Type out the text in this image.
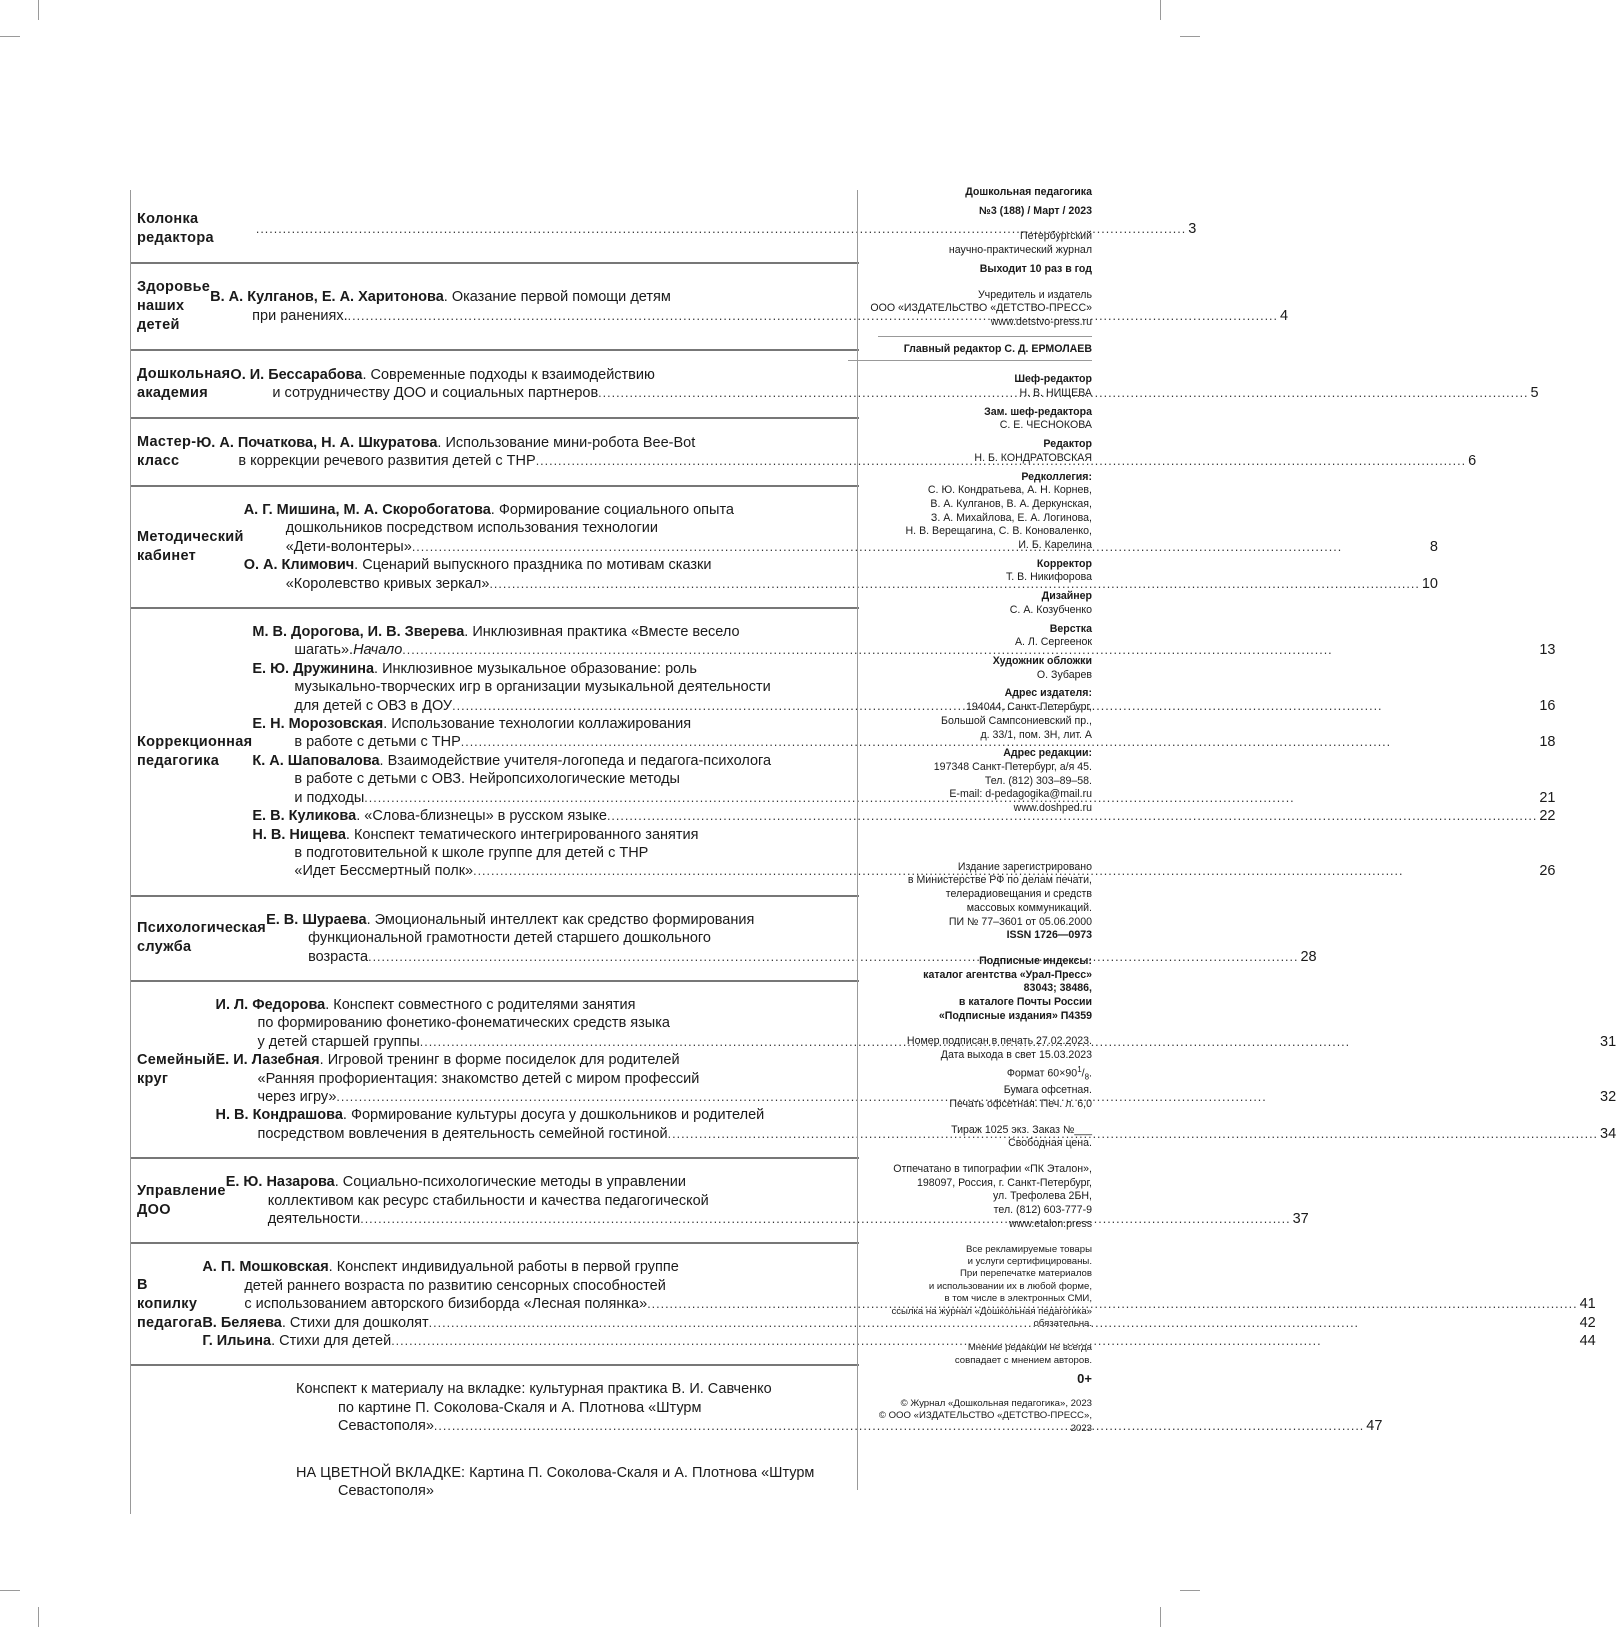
Колонка редактора
.....
3
Здоровье наших детей
В. А. Кулганов, Е. А. Харитонова . Оказание первой помощи детям
при ранениях. .....	4
Дошкольная академия
О. И. Бессарабова . Современные подходы к взаимодействию
и сотрудничеству ДОО и социальных партнеров .....	5
Мастер-класс
Ю. А. Початкова, Н. А. Шкуратова . Использование мини-робота Bee-Bot
в коррекции речевого развития детей с ТНР .....	6
Методический кабинет
А. Г. Мишина, М. А. Скоробогатова . Формирование социального опыта
дошкольников посредством использования технологии
«Дети-волонтеры» .....	8
О. А. Климович . Сценарий выпускного праздника по мотивам сказки
«Королевство кривых зеркал» .....	10
Коррекционная педагогика
М. В. Дорогова, И. В. Зверева . Инклюзивная практика «Вместе весело
шагать». Начало .....	13
Е. Ю. Дружинина . Инклюзивное музыкальное образование: роль
музыкально-творческих игр в организации музыкальной деятельности
для детей с ОВЗ в ДОУ .....	16
Е. Н. Морозовская . Использование технологии коллажирования
в работе с детьми с ТНР .....	18
К. А. Шаповалова . Взаимодействие учителя-логопеда и педагога-психолога
в работе с детьми с ОВЗ. Нейропсихологические методы
и подходы .....	21
Е. В. Куликова . «Слова-близнецы» в русском языке .....	22
Н. В. Нищева . Конспект тематического интегрированного занятия
в подготовительной к школе группе для детей с ТНР
«Идет Бессмертный полк» .....	26
Психологическая служба
Е. В. Шураева . Эмоциональный интеллект как средство формирования
функциональной грамотности детей старшего дошкольного
возраста .....	28
Семейный круг
И. Л. Федорова . Конспект совместного с родителями занятия
по формированию фонетико-фонематических средств языка
у детей старшей группы .....	31
Е. И. Лазебная . Игровой тренинг в форме посиделок для родителей
«Ранняя профориентация: знакомство детей с миром профессий
через игру» .....	32
Н. В. Кондрашова . Формирование культуры досуга у дошкольников и родителей
посредством вовлечения в деятельность семейной гостиной .....	34
Управление ДОО
Е. Ю. Назарова . Социально-психологические методы в управлении
коллективом как ресурс стабильности и качества педагогической
деятельности .....	37
В копилку педагога
А. П. Мошковская . Конспект индивидуальной работы в первой группе
детей раннего возраста по развитию сенсорных способностей
с использованием авторского бизиборда «Лесная полянка» .....	41
В. Беляева . Стихи для дошколят .....	42
Г. Ильина . Стихи для детей .....	44
Конспект к материалу на вкладке: культурная практика В. И. Савченко
по картине П. Соколова-Скаля и А. Плотнова «Штурм
Севастополя» .....	47
НА ЦВЕТНОЙ ВКЛАДКЕ: Картина П. Соколова-Скаля и А. Плотнова «Штурм
Севастополя»
Дошкольная педагогика
№3 (188) / Март / 2023
Петербургский
научно-практический журнал
Выходит 10 раз в год
Учредитель и издатель
ООО «ИЗДАТЕЛЬСТВО «ДЕТСТВО-ПРЕСС»
www.detstvo-press.ru
Главный редактор С. Д. ЕРМОЛАЕВ
Шеф-редактор
Н. В. НИЩЕВА
Зам. шеф-редактора
С. Е. ЧЕСНОКОВА
Редактор
Н. Б. КОНДРАТОВСКАЯ
Редколлегия:
С. Ю. Кондратьева, А. Н. Корнев,
В. А. Кулганов, В. А. Деркунская,
З. А. Михайлова, Е. А. Логинова,
Н. В. Верещагина, С. В. Коноваленко,
И. Б. Карелина
Корректор
Т. В. Никифорова
Дизайнер
С. А. Козубченко
Верстка
А. Л. Сергеенок
Художник обложки
О. Зубарев
Адрес издателя:
194044, Санкт-Петербург,
Большой Сампсониевский пр.,
д. 33/1, пом. 3Н, лит. А
Адрес редакции:
197348 Санкт-Петербург, а/я 45.
Тел. (812) 303–89–58.
E-mail: d-pedagogika@mail.ru
www.doshped.ru
Издание зарегистрировано
в Министерстве РФ по делам печати,
телерадиовещания и средств
массовых коммуникаций.
ПИ № 77–3601 от 05.06.2000
ISSN 1726—0973
Подписные индексы:
каталог агентства «Урал-Пресс»
83043; 38486,
в каталоге Почты России
«Подписные издания» П4359
Номер подписан в печать 27.02.2023.
Дата выхода в свет 15.03.2023
Формат $60\times 90^1/_8$.
Бумага офсетная.
Печать офсетная. Печ. л. 6,0
Тираж 1025 экз. Заказ №___
Свободная цена.
Отпечатано в типографии «ПК Эталон»,
198097, Россия, г. Санкт-Петербург,
ул. Трефолева 2БН,
тел. (812) 603-777-9
www.etalon.press
Все рекламируемые товары
и услуги сертифицированы.
При перепечатке материалов
и использовании их в любой форме,
в том числе в электронных СМИ,
ссылка на журнал «Дошкольная педагогика»
обязательна.
Мнение редакции не всегда
совпадает с мнением авторов.
0+
© Журнал «Дошкольная педагогика», 2023
© ООО «ИЗДАТЕЛЬСТВО «ДЕТСТВО-ПРЕСС», 2023
